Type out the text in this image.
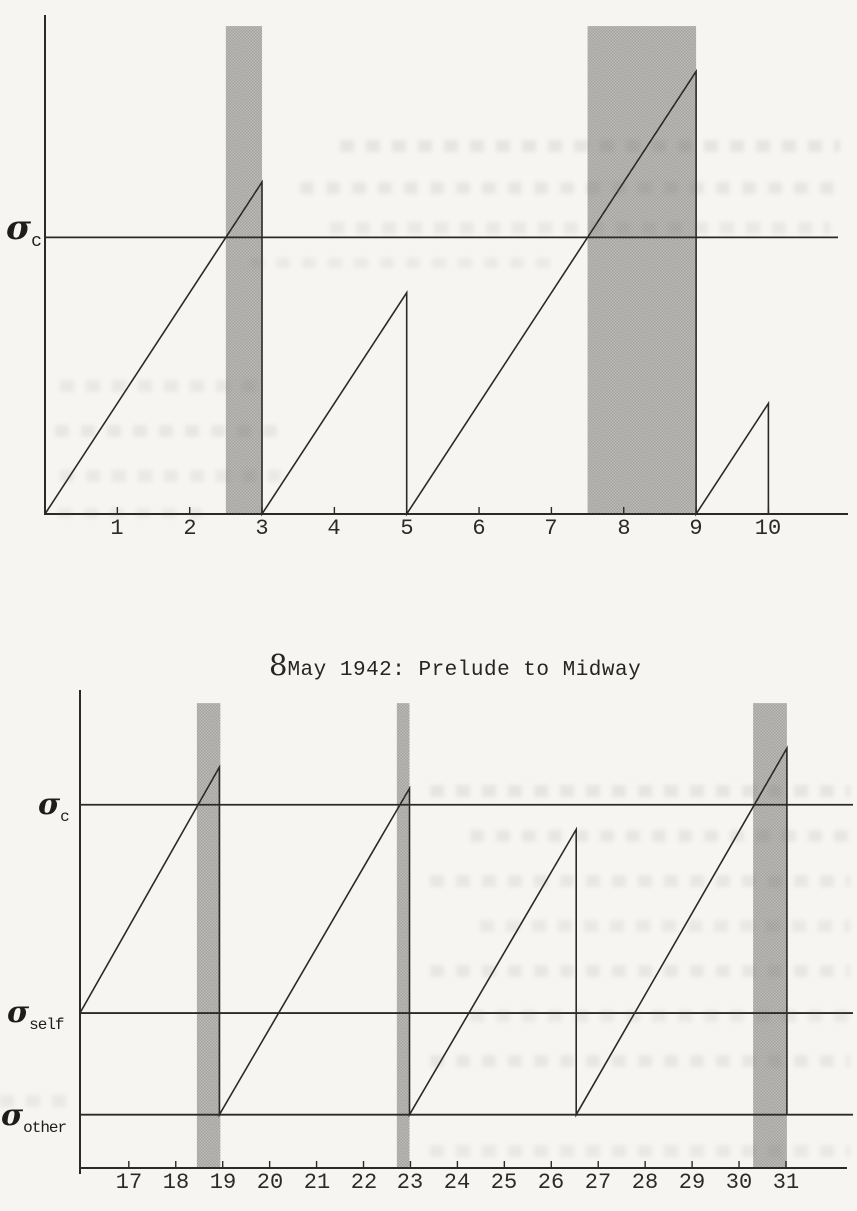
8May 1942: Prelude to Midway
σc
σc
σself
σother
1	2	3	4	5	6	7	8	9 10
17 18 19 20 21 22 23 24 25 26 27 28 29 30 31
